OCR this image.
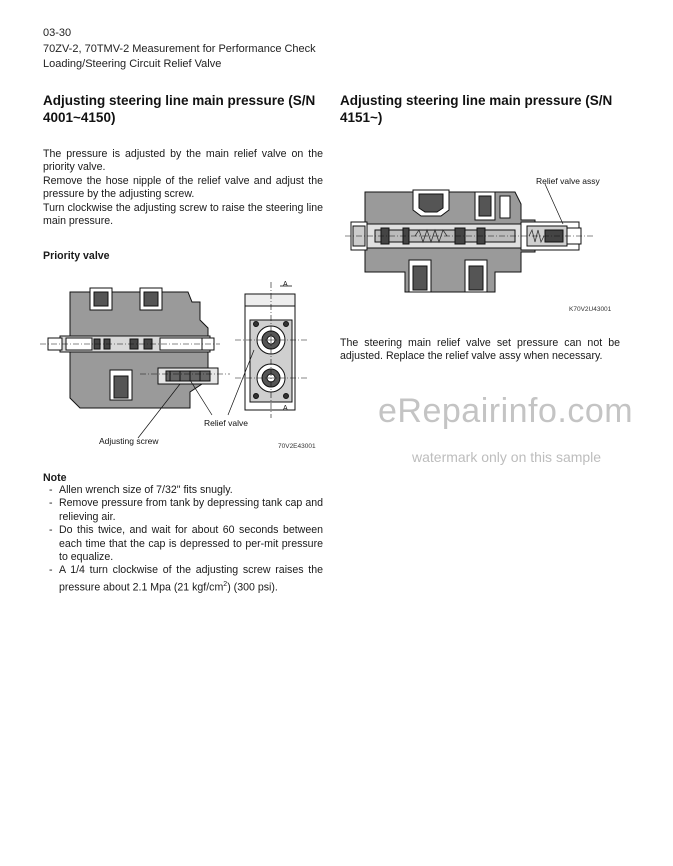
03-30
70ZV-2, 70TMV-2 Measurement for Performance Check
Loading/Steering Circuit Relief Valve
Adjusting steering line main pressure (S/N
4001~4150)

The pressure is adjusted by the main relief valve on the priority valve.

Remove the hose nipple of the relief valve and adjust the pressure by the adjusting screw.

Turn clockwise the adjusting screw to raise the steering line main pressure.

Priority valve

A
A
Relief valve
Adjusting screw
70V2E43001

Note

- Allen wrench size of 7/32" fits snugly.
- Remove pressure from tank by depressing tank cap and relieving air.
- Do this twice, and wait for about 60 seconds between each time that the cap is depressed to per-mit pressure to equalize.
- A 1/4 turn clockwise of the adjusting screw raises the pressure about 2.1 Mpa (21 kgf/$cm^2$) (300 psi).
Adjusting steering line main pressure (S/N
4151~)
Relief valve assy
K70V2U43001

The steering main relief valve set pressure can not be adjusted. Replace the relief valve assy when necessary.

eRepairinfo.com
watermark only on this sample
